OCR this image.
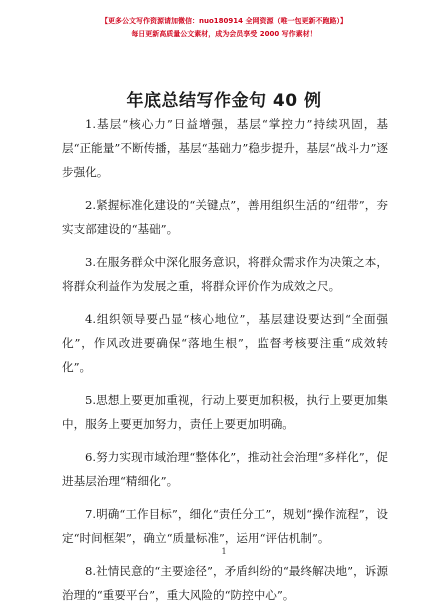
【更多公文写作资源请加微信：nuo180914 全网资源（唯一包更新不跑路）】
每日更新高质量公文素材，成为会员享受 2000 写作素材！
年底总结写作金句 40 例

1.基层“核心力”日益增强，基层“掌控力”持续巩固，基层“正能量”不断传播，基层“基础力”稳步提升，基层“战斗力”逐步强化。

2.紧握标准化建设的“关键点”，善用组织生活的“纽带”，夯实支部建设的“基础”。

3.在服务群众中深化服务意识，将群众需求作为决策之本，将群众利益作为发展之重，将群众评价作为成效之尺。

4.组织领导要凸显“核心地位”，基层建设要达到“全面强化”，作风改进要确保“落地生根”，监督考核要注重“成效转化”。

5.思想上要更加重视，行动上要更加积极，执行上要更加集中，服务上要更加努力，责任上要更加明确。

6.努力实现市域治理“整体化”，推动社会治理“多样化”，促进基层治理“精细化”。

7.明确“工作目标”，细化“责任分工”，规划“操作流程”，设定“时间框架”，确立“质量标准”，运用“评估机制”。

8.社情民意的“主要途径”，矛盾纠纷的“最终解决地”，诉源治理的“重要平台”，重大风险的“防控中心”。

1
